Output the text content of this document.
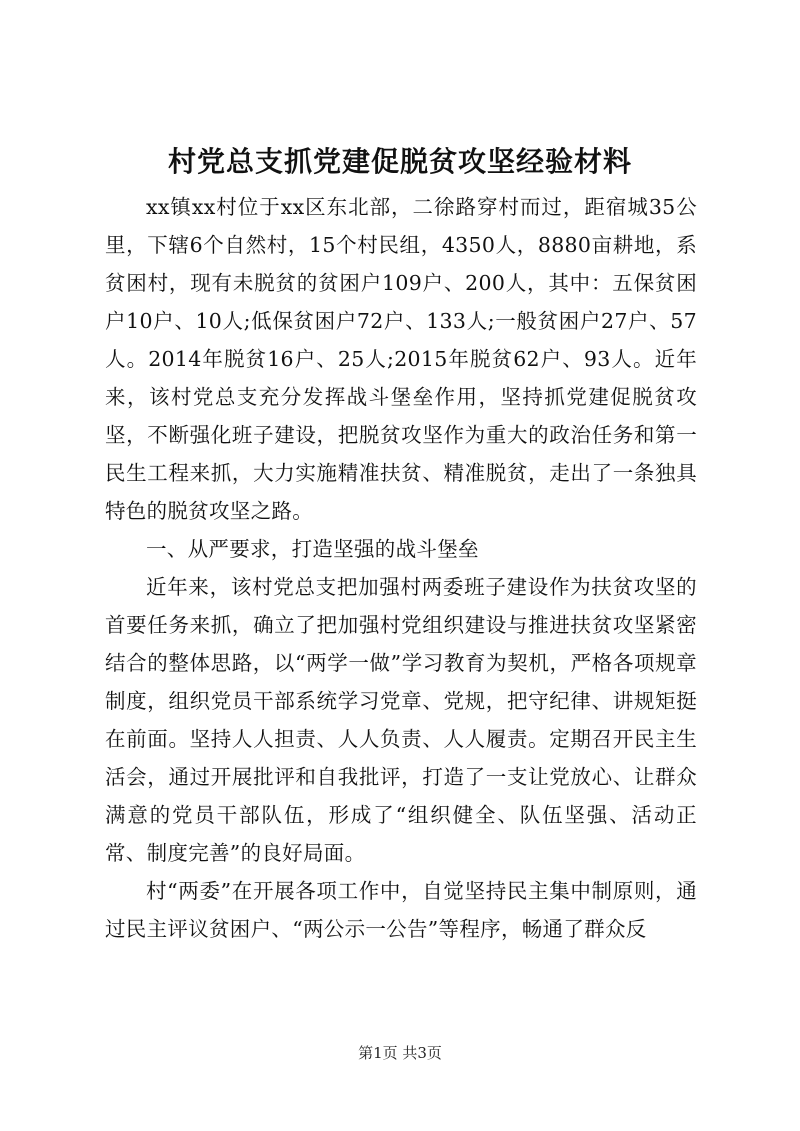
村党总支抓党建促脱贫攻坚经验材料

xx镇xx村位于xx区东北部，二徐路穿村而过，距宿城35公里，下辖6个自然村，15个村民组，4350人，8880亩耕地，系贫困村，现有未脱贫的贫困户109户、200人，其中：五保贫困户10户、10人;低保贫困户72户、133人;一般贫困户27户、57人。2014年脱贫16户、25人;2015年脱贫62户、93人。近年来，该村党总支充分发挥战斗堡垒作用，坚持抓党建促脱贫攻坚，不断强化班子建设，把脱贫攻坚作为重大的政治任务和第一民生工程来抓，大力实施精准扶贫、精准脱贫，走出了一条独具特色的脱贫攻坚之路。

一、从严要求，打造坚强的战斗堡垒

近年来，该村党总支把加强村两委班子建设作为扶贫攻坚的首要任务来抓，确立了把加强村党组织建设与推进扶贫攻坚紧密结合的整体思路，以“两学一做”学习教育为契机，严格各项规章制度，组织党员干部系统学习党章、党规，把守纪律、讲规矩挺在前面。坚持人人担责、人人负责、人人履责。定期召开民主生活会，通过开展批评和自我批评，打造了一支让党放心、让群众满意的党员干部队伍，形成了“组织健全、队伍坚强、活动正常、制度完善”的良好局面。

村“两委”在开展各项工作中，自觉坚持民主集中制原则，通过民主评议贫困户、“两公示一公告”等程序，畅通了群众反

第1页 共3页
